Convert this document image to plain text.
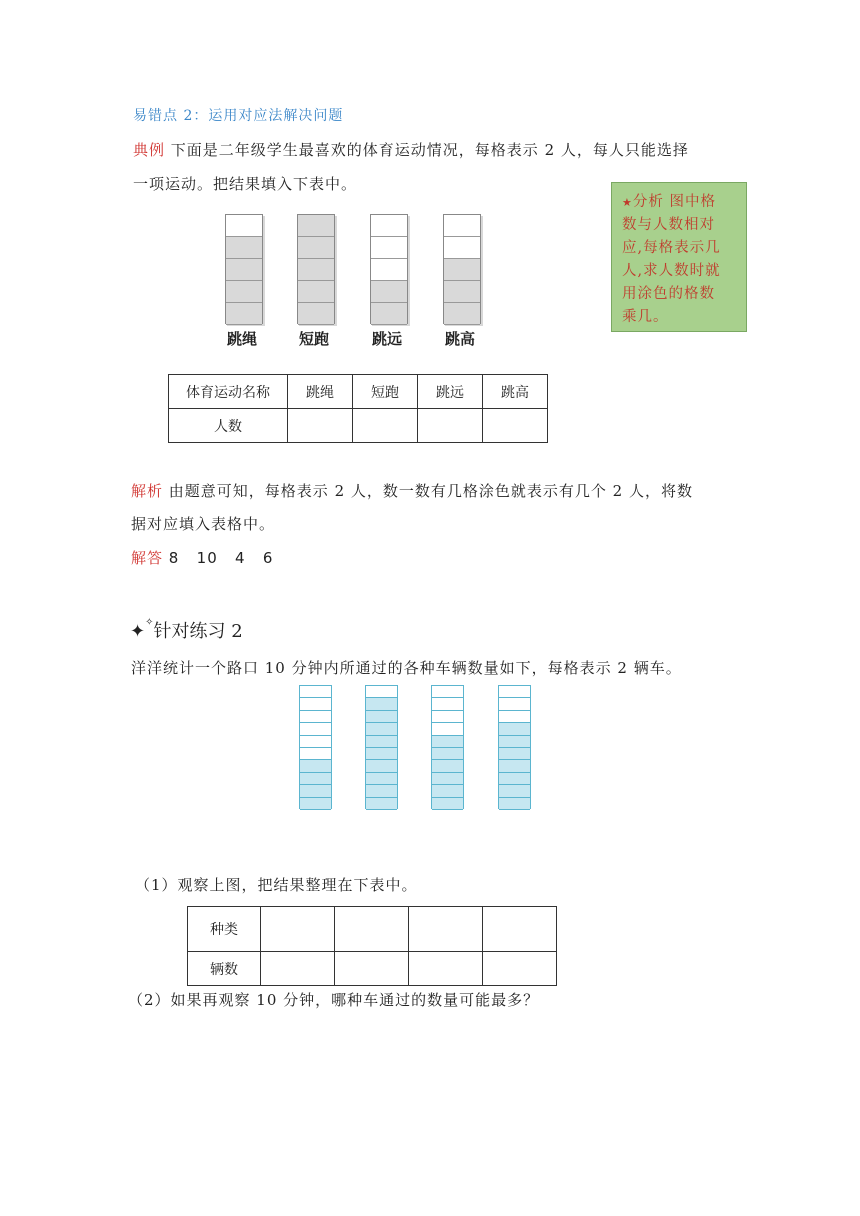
易错点 2：运用对应法解决问题
典例 下面是二年级学生最喜欢的体育运动情况，每格表示 2 人，每人只能选择
一项运动。把结果填入下表中。
★分析 图中格
数与人数相对
应,每格表示几
人,求人数时就
用涂色的格数
乘几。
跳绳	短跑	跳远	跳高
体育运动名称	跳绳	短跑	跳远	跳高
人数				
解析 由题意可知，每格表示 2 人，数一数有几格涂色就表示有几个 2 人，将数
据对应填入表格中。
解答 8   10   4   6
✦✧针对练习 2
洋洋统计一个路口 10 分钟内所通过的各种车辆数量如下，每格表示 2 辆车。
（1）观察上图，把结果整理在下表中。
种类				
辆数				
（2）如果再观察 10 分钟，哪种车通过的数量可能最多？
